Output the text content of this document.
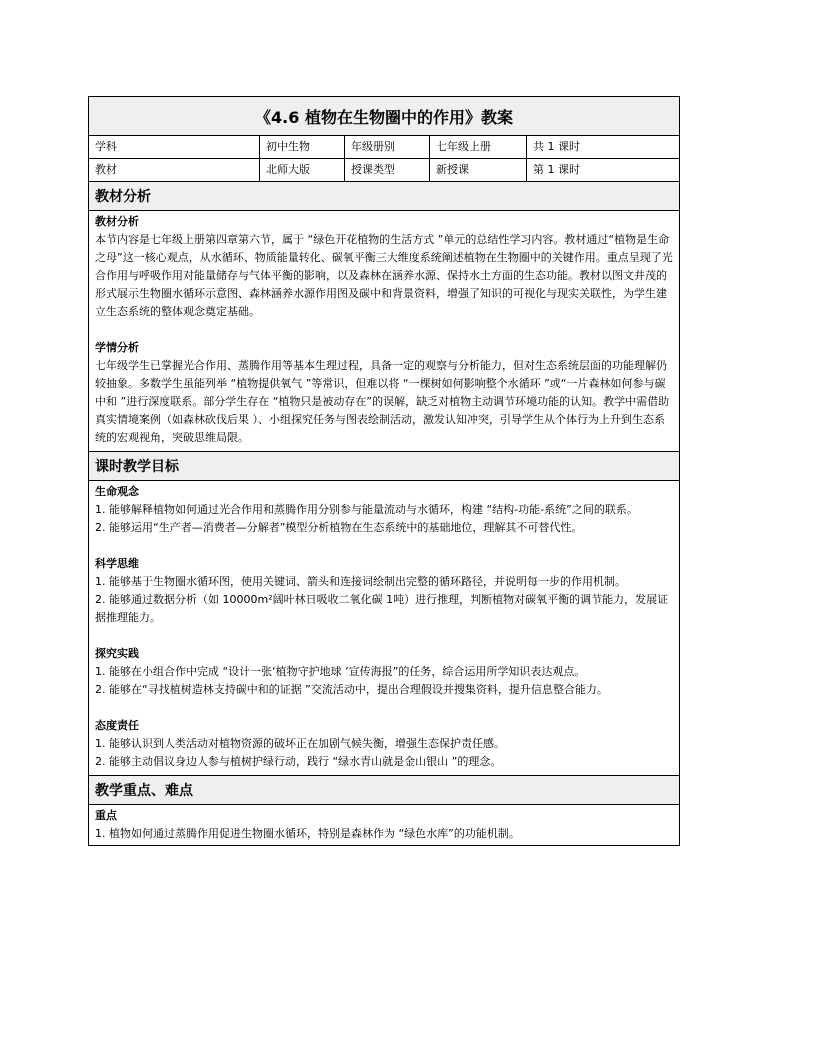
《4.6 植物在生物圈中的作用》教案
学科	初中生物	年级册别	七年级上册	共 1 课时
教材	北师大版	授课类型	新授课	第 1 课时
教材分析

教材分析

本节内容是七年级上册第四章第六节，属于 “绿色开花植物的生活方式 ”单元的总结性学习内容。教材通过“植物是生命之母”这一核心观点，从水循环、物质能量转化、碳氧平衡三大维度系统阐述植物在生物圈中的关键作用。重点呈现了光合作用与呼吸作用对能量储存与气体平衡的影响，以及森林在涵养水源、保持水土方面的生态功能。教材以图文并茂的形式展示生物圈水循环示意图、森林涵养水源作用图及碳中和背景资料，增强了知识的可视化与现实关联性，为学生建立生态系统的整体观念奠定基础。

学情分析

七年级学生已掌握光合作用、蒸腾作用等基本生理过程，具备一定的观察与分析能力，但对生态系统层面的功能理解仍较抽象。多数学生虽能列举 “植物提供氧气 ”等常识，但难以将 “一棵树如何影响整个水循环 ”或“一片森林如何参与碳中和 ”进行深度联系。部分学生存在 “植物只是被动存在”的误解，缺乏对植物主动调节环境功能的认知。教学中需借助真实情境案例（如森林砍伐后果 ）、小组探究任务与图表绘制活动，激发认知冲突，引导学生从个体行为上升到生态系统的宏观视角，突破思维局限。

课时教学目标

生命观念

1. 能够解释植物如何通过光合作用和蒸腾作用分别参与能量流动与水循环，构建 “结构-功能-系统”之间的联系。

2. 能够运用“生产者—消费者—分解者”模型分析植物在生态系统中的基础地位，理解其不可替代性。

科学思维

1. 能够基于生物圈水循环图，使用关键词、箭头和连接词绘制出完整的循环路径，并说明每一步的作用机制。

2. 能够通过数据分析（如 10000m²阔叶林日吸收二氧化碳 1吨）进行推理，判断植物对碳氧平衡的调节能力，发展证据推理能力。

探究实践

1. 能够在小组合作中完成 “设计一张‘植物守护地球 ’宣传海报”的任务，综合运用所学知识表达观点。

2. 能够在“寻找植树造林支持碳中和的证据 ”交流活动中，提出合理假设并搜集资料，提升信息整合能力。

态度责任

1. 能够认识到人类活动对植物资源的破坏正在加剧气候失衡，增强生态保护责任感。

2. 能够主动倡议身边人参与植树护绿行动，践行 “绿水青山就是金山银山 ”的理念。

教学重点、难点

重点

1. 植物如何通过蒸腾作用促进生物圈水循环，特别是森林作为 “绿色水库”的功能机制。
